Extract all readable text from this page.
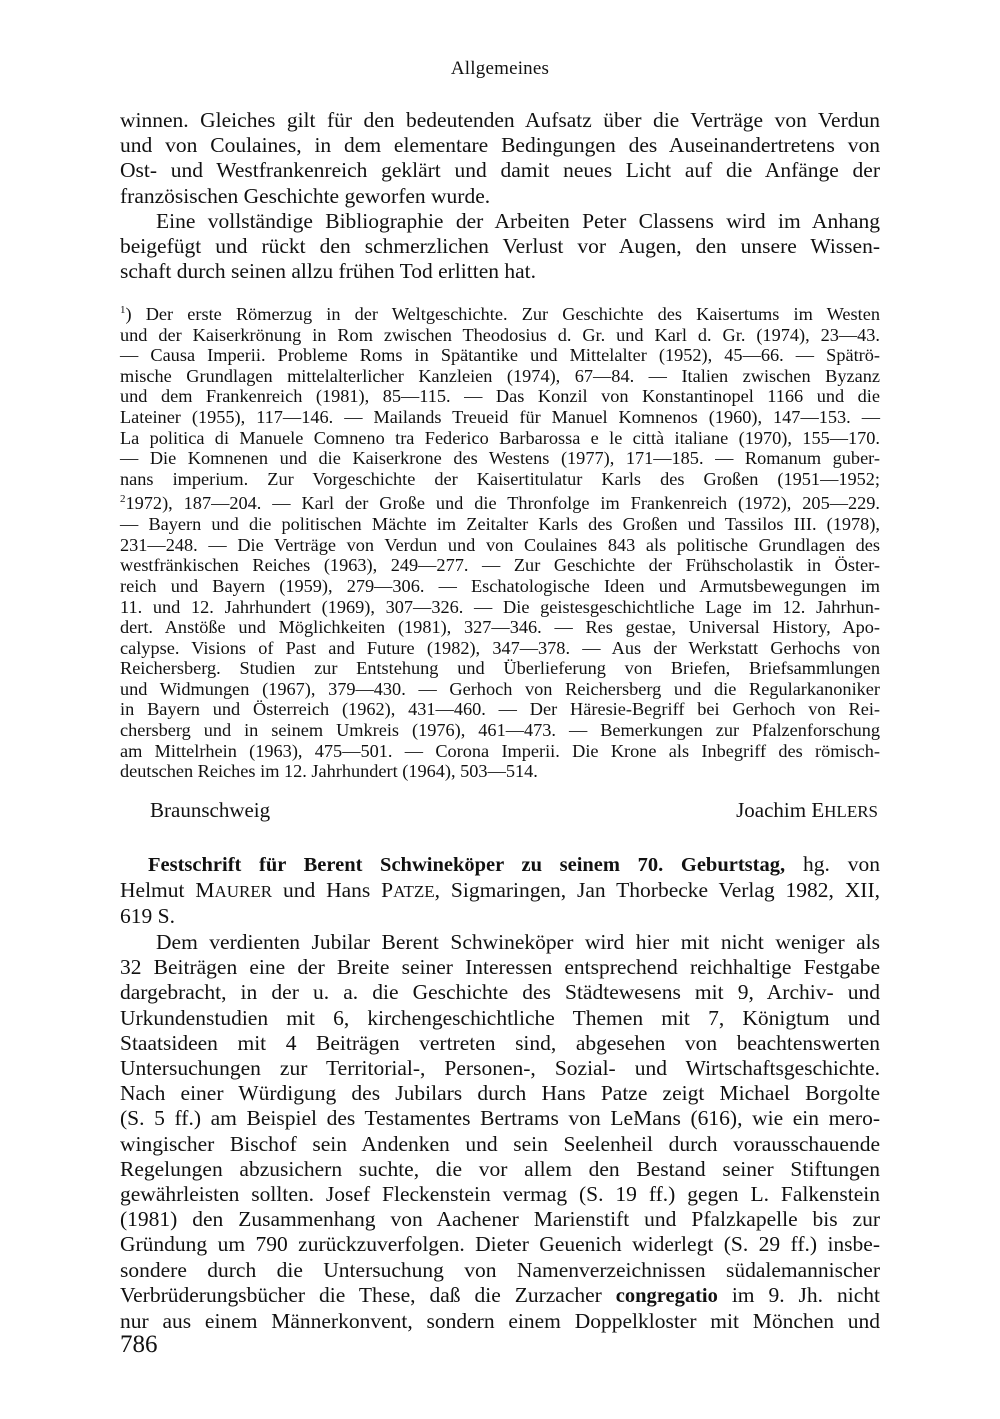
Allgemeines
winnen. Gleiches gilt für den bedeutenden Aufsatz über die Verträge von Verdun
und von Coulaines, in dem elementare Bedingungen des Auseinandertretens von
Ost- und Westfrankenreich geklärt und damit neues Licht auf die Anfänge der
französischen Geschichte geworfen wurde.
Eine vollständige Bibliographie der Arbeiten Peter Classens wird im Anhang
beigefügt und rückt den schmerzlichen Verlust vor Augen, den unsere Wissen-
schaft durch seinen allzu frühen Tod erlitten hat.
$^1$) Der erste Römerzug in der Weltgeschichte. Zur Geschichte des Kaisertums im Westen
und der Kaiserkrönung in Rom zwischen Theodosius d. Gr. und Karl d. Gr. (1974), 23—43.
— Causa Imperii. Probleme Roms in Spätantike und Mittelalter (1952), 45—66. — Spätrö-
mische Grundlagen mittelalterlicher Kanzleien (1974), 67—84. — Italien zwischen Byzanz
und dem Frankenreich (1981), 85—115. — Das Konzil von Konstantinopel 1166 und die
Lateiner (1955), 117—146. — Mailands Treueid für Manuel Komnenos (1960), 147—153. —
La politica di Manuele Comneno tra Federico Barbarossa e le città italiane (1970), 155—170.
— Die Komnenen und die Kaiserkrone des Westens (1977), 171—185. — Romanum guber-
nans imperium. Zur Vorgeschichte der Kaisertitulatur Karls des Großen (1951—1952;
$^2$1972), 187—204. — Karl der Große und die Thronfolge im Frankenreich (1972), 205—229.
— Bayern und die politischen Mächte im Zeitalter Karls des Großen und Tassilos III. (1978),
231—248. — Die Verträge von Verdun und von Coulaines 843 als politische Grundlagen des
westfränkischen Reiches (1963), 249—277. — Zur Geschichte der Frühscholastik in Öster-
reich und Bayern (1959), 279—306. — Eschatologische Ideen und Armutsbewegungen im
11. und 12. Jahrhundert (1969), 307—326. — Die geistesgeschichtliche Lage im 12. Jahrhun-
dert. Anstöße und Möglichkeiten (1981), 327—346. — Res gestae, Universal History, Apo-
calypse. Visions of Past and Future (1982), 347—378. — Aus der Werkstatt Gerhochs von
Reichersberg. Studien zur Entstehung und Überlieferung von Briefen, Briefsammlungen
und Widmungen (1967), 379—430. — Gerhoch von Reichersberg und die Regularkanoniker
in Bayern und Österreich (1962), 431—460. — Der Häresie-Begriff bei Gerhoch von Rei-
chersberg und in seinem Umkreis (1976), 461—473. — Bemerkungen zur Pfalzenforschung
am Mittelrhein (1963), 475—501. — Corona Imperii. Die Krone als Inbegriff des römisch-
deutschen Reiches im 12. Jahrhundert (1964), 503—514.
Braunschweig	Joachim EHLERS
Festschrift für Berent Schwineköper zu seinem 70. Geburtstag, hg. von
Helmut MAURER und Hans PATZE, Sigmaringen, Jan Thorbecke Verlag 1982, XII,
619 S.
Dem verdienten Jubilar Berent Schwineköper wird hier mit nicht weniger als
32 Beiträgen eine der Breite seiner Interessen entsprechend reichhaltige Festgabe
dargebracht, in der u. a. die Geschichte des Städtewesens mit 9, Archiv- und
Urkundenstudien mit 6, kirchengeschichtliche Themen mit 7, Königtum und
Staatsideen mit 4 Beiträgen vertreten sind, abgesehen von beachtenswerten
Untersuchungen zur Territorial-, Personen-, Sozial- und Wirtschaftsgeschichte.
Nach einer Würdigung des Jubilars durch Hans Patze zeigt Michael Borgolte
(S. 5 ff.) am Beispiel des Testamentes Bertrams von LeMans (616), wie ein mero-
wingischer Bischof sein Andenken und sein Seelenheil durch vorausschauende
Regelungen abzusichern suchte, die vor allem den Bestand seiner Stiftungen
gewährleisten sollten. Josef Fleckenstein vermag (S. 19 ff.) gegen L. Falkenstein
(1981) den Zusammenhang von Aachener Marienstift und Pfalzkapelle bis zur
Gründung um 790 zurückzuverfolgen. Dieter Geuenich widerlegt (S. 29 ff.) insbe-
sondere durch die Untersuchung von Namenverzeichnissen südalemannischer
Verbrüderungsbücher die These, daß die Zurzacher congregatio im 9. Jh. nicht
nur aus einem Männerkonvent, sondern einem Doppelkloster mit Mönchen und
786
